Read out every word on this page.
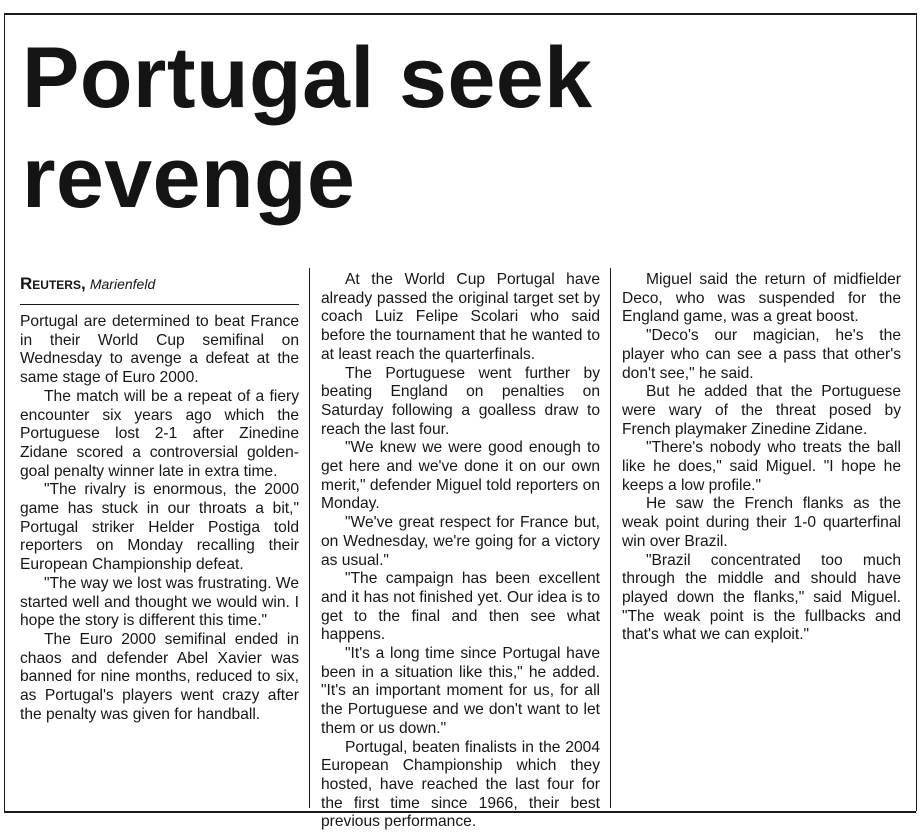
Portugal seek revenge
Reuters, Marienfeld

Portugal are determined to beat France in their World Cup semifinal on Wednesday to avenge a defeat at the same stage of Euro 2000.

The match will be a repeat of a fiery encounter six years ago which the Portuguese lost 2-1 after Zinedine Zidane scored a controversial golden-goal penalty winner late in extra time.

"The rivalry is enormous, the 2000 game has stuck in our throats a bit," Portugal striker Helder Postiga told reporters on Monday recalling their European Championship defeat.

"The way we lost was frustrating. We started well and thought we would win. I hope the story is different this time."

The Euro 2000 semifinal ended in chaos and defender Abel Xavier was banned for nine months, reduced to six, as Portugal's players went crazy after the penalty was given for handball.

At the World Cup Portugal have already passed the original target set by coach Luiz Felipe Scolari who said before the tournament that he wanted to at least reach the quarterfinals.

The Portuguese went further by beating England on penalties on Saturday following a goalless draw to reach the last four.

"We knew we were good enough to get here and we've done it on our own merit," defender Miguel told reporters on Monday.

"We've great respect for France but, on Wednesday, we're going for a victory as usual."

"The campaign has been excellent and it has not finished yet. Our idea is to get to the final and then see what happens.

"It's a long time since Portugal have been in a situation like this," he added. "It's an important moment for us, for all the Portuguese and we don't want to let them or us down."

Portugal, beaten finalists in the 2004 European Championship which they hosted, have reached the last four for the first time since 1966, their best previous performance.

Miguel said the return of midfielder Deco, who was suspended for the England game, was a great boost.

"Deco's our magician, he's the player who can see a pass that other's don't see," he said.

But he added that the Portuguese were wary of the threat posed by French playmaker Zinedine Zidane.

"There's nobody who treats the ball like he does," said Miguel. "I hope he keeps a low profile."

He saw the French flanks as the weak point during their 1-0 quarterfinal win over Brazil.

"Brazil concentrated too much through the middle and should have played down the flanks," said Miguel. "The weak point is the fullbacks and that's what we can exploit."
